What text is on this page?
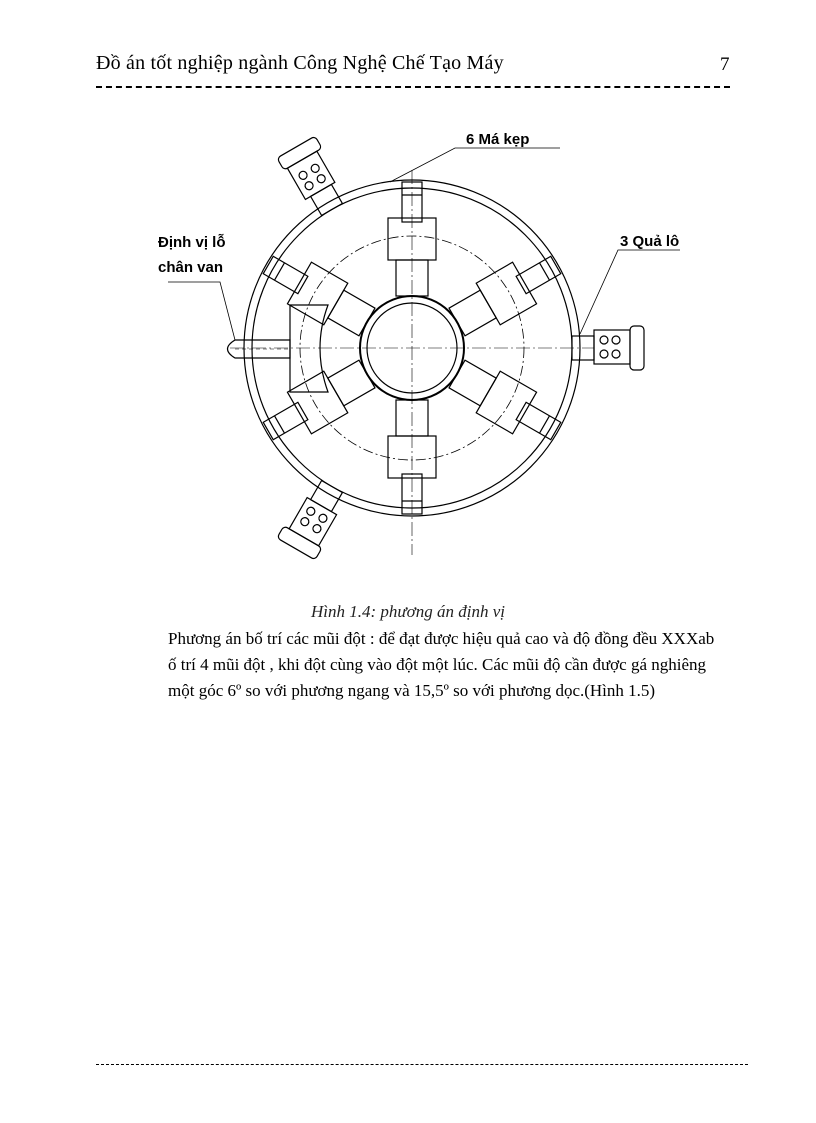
Đồ án tốt nghiệp ngành Công Nghệ Chế Tạo Máy	7
6 Má kẹp
Định vị lỗ
chân van
3 Quả lô
Hình 1.4: phương án định vị

Phương án bố trí các mũi đột : để đạt được hiệu quả cao và độ đồng đều XXXab

ố trí 4 mũi đột , khi đột cùng vào đột một lúc. Các mũi độ cần được gá nghiêng

một góc 6º so với phương ngang và 15,5º so với phương dọc.(Hình 1.5)
